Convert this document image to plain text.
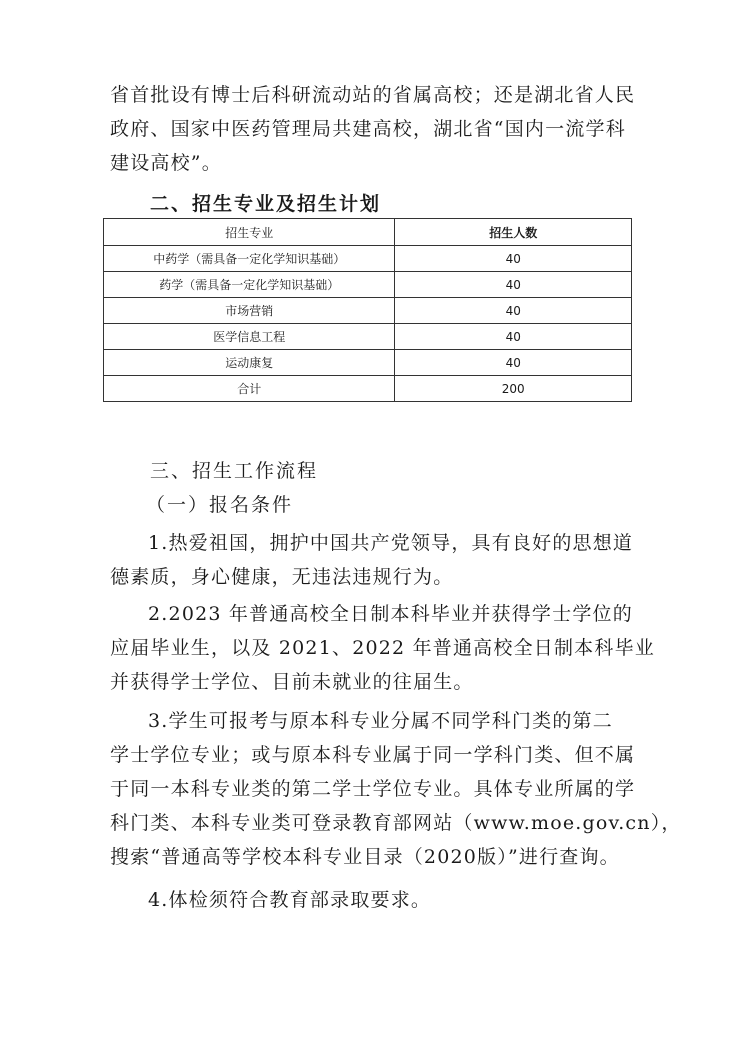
省首批设有博士后科研流动站的省属高校；还是湖北省人民
政府、国家中医药管理局共建高校，湖北省“国内一流学科
建设高校”。
二、招生专业及招生计划
招生专业	招生人数
中药学（需具备一定化学知识基础）	40
药学（需具备一定化学知识基础）	40
市场营销	40
医学信息工程	40
运动康复	40
合计	200
三、招生工作流程
（一）报名条件
1.热爱祖国，拥护中国共产党领导，具有良好的思想道
德素质，身心健康，无违法违规行为。
2.2023 年普通高校全日制本科毕业并获得学士学位的
应届毕业生，以及 2021、2022 年普通高校全日制本科毕业
并获得学士学位、目前未就业的往届生。
3.学生可报考与原本科专业分属不同学科门类的第二
学士学位专业；或与原本科专业属于同一学科门类、但不属
于同一本科专业类的第二学士学位专业。具体专业所属的学
科门类、本科专业类可登录教育部网站（www.moe.gov.cn），
搜索“普通高等学校本科专业目录（2020版）”进行查询。
4.体检须符合教育部录取要求。
